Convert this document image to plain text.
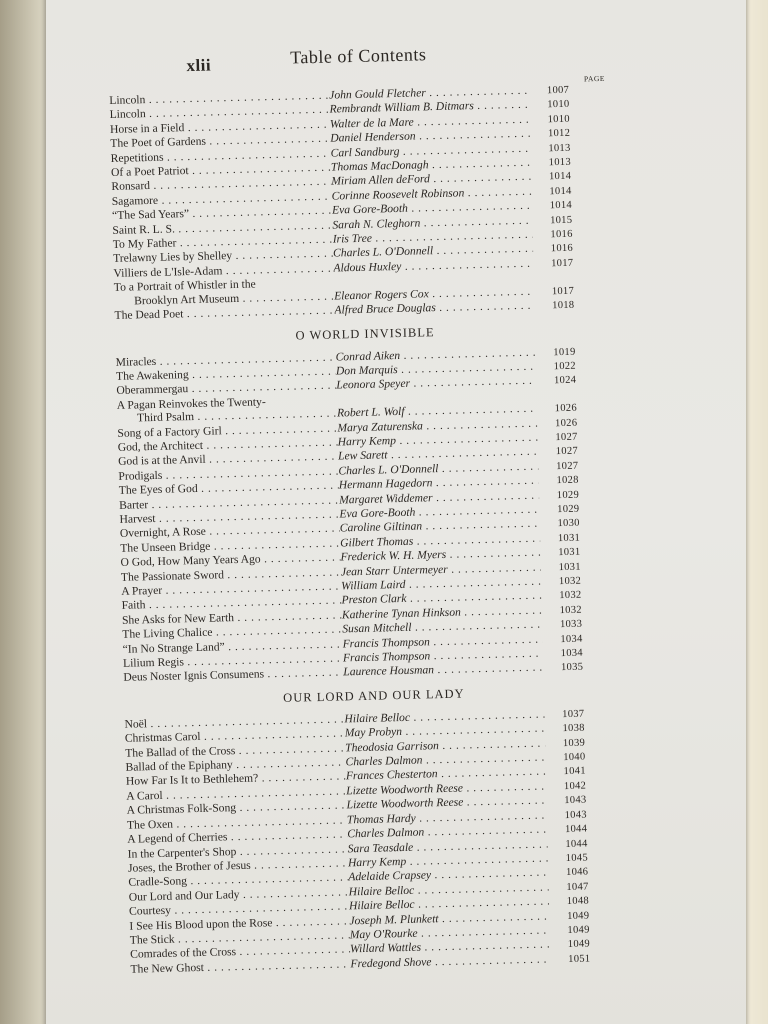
xlii	Table of Contents
PAGE
Lincoln . . .	John Gould Fletcher . . .	1007
Lincoln . . .	Rembrandt William B. Ditmars . . .	1010
Horse in a Field . . .	Walter de la Mare . . .	1010
The Poet of Gardens . . .	Daniel Henderson . . .	1012
Repetitions . . .	Carl Sandburg . . .	1013
Of a Poet Patriot . . .	Thomas MacDonagh . . .	1013
Ronsard . . .	Miriam Allen deFord . . .	1014
Sagamore . . .	Corinne Roosevelt Robinson . . .	1014
“The Sad Years” . . .	Eva Gore-Booth . . .	1014
Saint R. L. S. . . .	Sarah N. Cleghorn . . .	1015
To My Father . . .	Iris Tree . . .	1016
Trelawny Lies by Shelley . . .	Charles L. O'Donnell . . .	1016
Villiers de L'Isle-Adam . . .	Aldous Huxley . . .	1017
To a Portrait of Whistler in the
Brooklyn Art Museum . . .	Eleanor Rogers Cox . . .	1017
The Dead Poet . . .	Alfred Bruce Douglas . . .	1018
O WORLD INVISIBLE
Miracles . . .	Conrad Aiken . . .	1019
The Awakening . . .	Don Marquis . . .	1022
Oberammergau . . .	Leonora Speyer . . .	1024
A Pagan Reinvokes the Twenty-
Third Psalm . . .	Robert L. Wolf . . .	1026
Song of a Factory Girl . . .	Marya Zaturenska . . .	1026
God, the Architect . . .	Harry Kemp . . .	1027
God is at the Anvil . . .	Lew Sarett . . .	1027
Prodigals . . .	Charles L. O'Donnell . . .	1027
The Eyes of God . . .	Hermann Hagedorn . . .	1028
Barter . . .	Margaret Widdemer . . .	1029
Harvest . . .	Eva Gore-Booth . . .	1029
Overnight, A Rose . . .	Caroline Giltinan . . .	1030
The Unseen Bridge . . .	Gilbert Thomas . . .	1031
O God, How Many Years Ago . . .	Frederick W. H. Myers . . .	1031
The Passionate Sword . . .	Jean Starr Untermeyer . . .	1031
A Prayer . . .	William Laird . . .	1032
Faith . . .	Preston Clark . . .	1032
She Asks for New Earth . . .	Katherine Tynan Hinkson . . .	1032
The Living Chalice . . .	Susan Mitchell . . .	1033
“In No Strange Land” . . .	Francis Thompson . . .	1034
Lilium Regis . . .	Francis Thompson . . .	1034
Deus Noster Ignis Consumens . . .	Laurence Housman . . .	1035
OUR LORD AND OUR LADY
Noël . . .	Hilaire Belloc . . .	1037
Christmas Carol . . .	May Probyn . . .	1038
The Ballad of the Cross . . .	Theodosia Garrison . . .	1039
Ballad of the Epiphany . . .	Charles Dalmon . . .	1040
How Far Is It to Bethlehem? . . .	Frances Chesterton . . .	1041
A Carol . . .	Lizette Woodworth Reese . . .	1042
A Christmas Folk-Song . . .	Lizette Woodworth Reese . . .	1043
The Oxen . . .	Thomas Hardy . . .	1043
A Legend of Cherries . . .	Charles Dalmon . . .	1044
In the Carpenter's Shop . . .	Sara Teasdale . . .	1044
Joses, the Brother of Jesus . . .	Harry Kemp . . .	1045
Cradle-Song . . .	Adelaide Crapsey . . .	1046
Our Lord and Our Lady . . .	Hilaire Belloc . . .	1047
Courtesy . . .	Hilaire Belloc . . .	1048
I See His Blood upon the Rose . . .	Joseph M. Plunkett . . .	1049
The Stick . . .	May O'Rourke . . .	1049
Comrades of the Cross . . .	Willard Wattles . . .	1049
The New Ghost . . .	Fredegond Shove . . .	1051
